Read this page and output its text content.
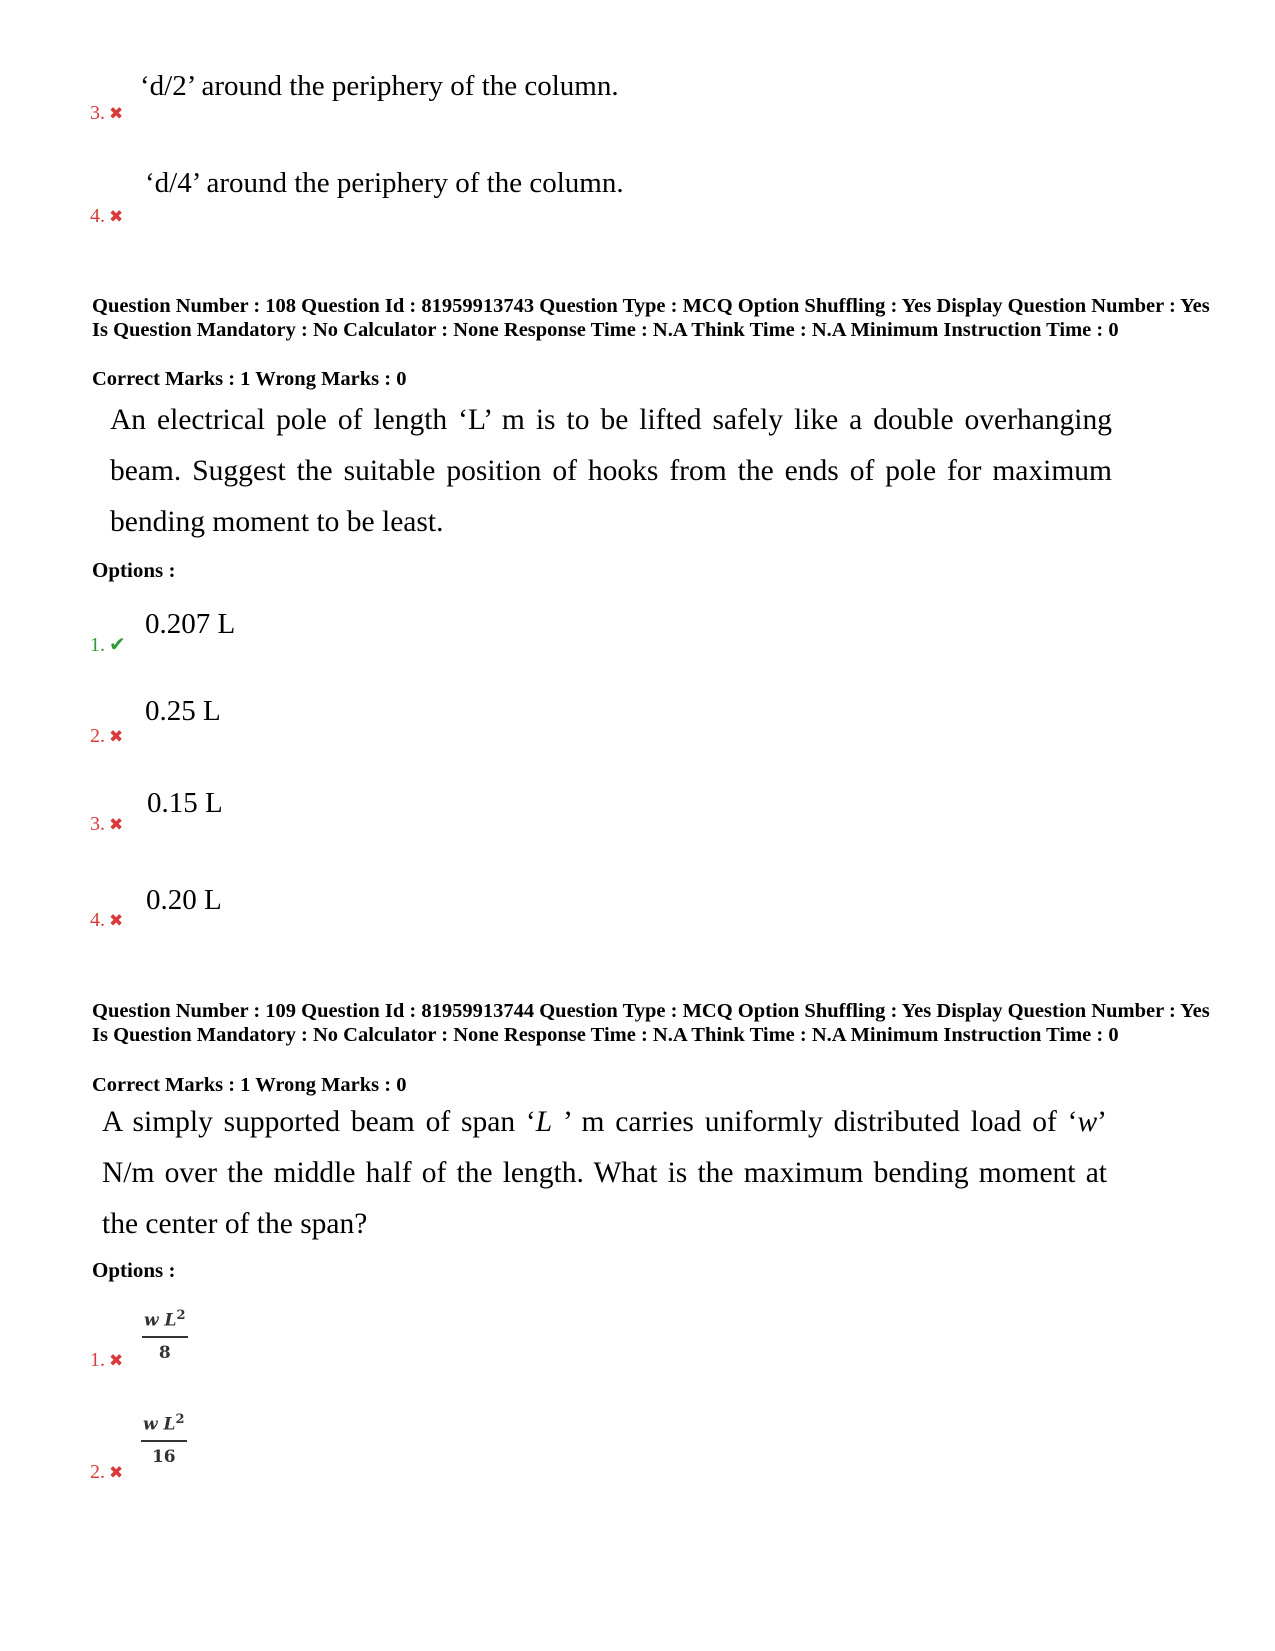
‘d/2’ around the periphery of the column.
3. ✖
‘d/4’ around the periphery of the column.
4. ✖
Question Number : 108 Question Id : 81959913743 Question Type : MCQ Option Shuffling : Yes Display Question Number : Yes Is Question Mandatory : No Calculator : None Response Time : N.A Think Time : N.A Minimum Instruction Time : 0
Correct Marks : 1 Wrong Marks : 0
An electrical pole of length ‘L’ m is to be lifted safely like a double overhanging beam. Suggest the suitable position of hooks from the ends of pole for maximum bending moment to be least.
Options :
0.207 L
1. ✔
0.25 L
2. ✖
0.15 L
3. ✖
0.20 L
4. ✖
Question Number : 109 Question Id : 81959913744 Question Type : MCQ Option Shuffling : Yes Display Question Number : Yes Is Question Mandatory : No Calculator : None Response Time : N.A Think Time : N.A Minimum Instruction Time : 0
Correct Marks : 1 Wrong Marks : 0
A simply supported beam of span ‘L ’ m carries uniformly distributed load of ‘w’ N/m over the middle half of the length. What is the maximum bending moment at the center of the span?
Options :
$\frac{w L^2}{8}$
1. ✖
$\frac{w L^2}{16}$
2. ✖
